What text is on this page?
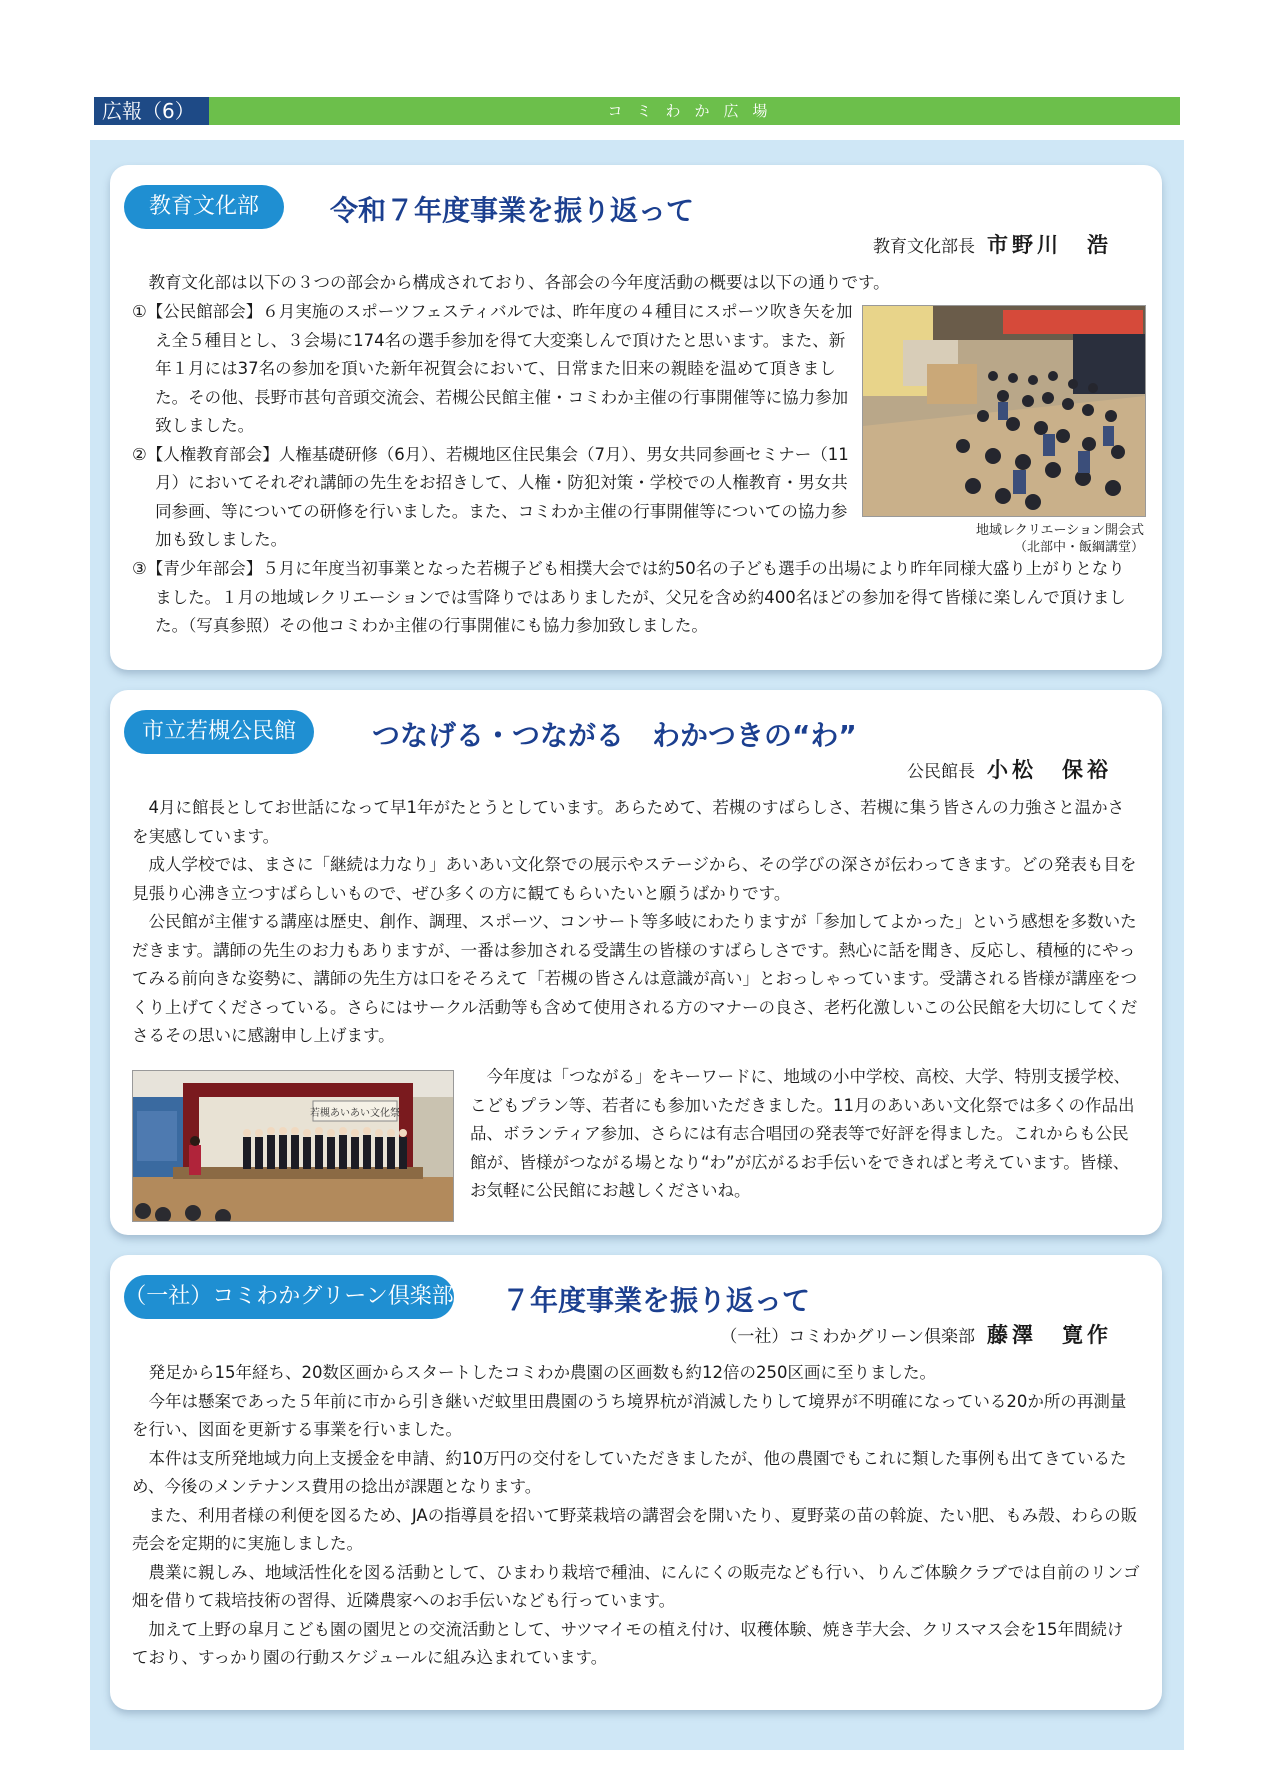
広報（6）	コミわか広場
教育文化部	令和７年度事業を振り返って
教育文化部長 市野川　浩

教育文化部は以下の３つの部会から構成されており、各部会の今年度活動の概要は以下の通りです。

①【公民館部会】６月実施のスポーツフェスティバルでは、昨年度の４種目にスポーツ吹き矢を加え全５種目とし、３会場に174名の選手参加を得て大変楽しんで頂けたと思います。また、新年１月には37名の参加を頂いた新年祝賀会において、日常また旧来の親睦を温めて頂きました。その他、長野市甚句音頭交流会、若槻公民館主催・コミわか主催の行事開催等に協力参加致しました。

②【人権教育部会】人権基礎研修（6月）、若槻地区住民集会（7月）、男女共同参画セミナー（11月）においてそれぞれ講師の先生をお招きして、人権・防犯対策・学校での人権教育・男女共同参画、等についての研修を行いました。また、コミわか主催の行事開催等についての協力参加も致しました。

③【青少年部会】５月に年度当初事業となった若槻子ども相撲大会では約50名の子ども選手の出場により昨年同様大盛り上がりとなりました。１月の地域レクリエーションでは雪降りではありましたが、父兄を含め約400名ほどの参加を得て皆様に楽しんで頂けました。（写真参照）その他コミわか主催の行事開催にも協力参加致しました。

地域レクリエーション開会式
（北部中・飯綱講堂）
市立若槻公民館	つなげる・つながる　わかつきの“わ”
公民館長 小松　保裕

4月に館長としてお世話になって早1年がたとうとしています。あらためて、若槻のすばらしさ、若槻に集う皆さんの力強さと温かさを実感しています。

成人学校では、まさに「継続は力なり」あいあい文化祭での展示やステージから、その学びの深さが伝わってきます。どの発表も目を見張り心沸き立つすばらしいもので、ぜひ多くの方に観てもらいたいと願うばかりです。

公民館が主催する講座は歴史、創作、調理、スポーツ、コンサート等多岐にわたりますが「参加してよかった」という感想を多数いただきます。講師の先生のお力もありますが、一番は参加される受講生の皆様のすばらしさです。熱心に話を聞き、反応し、積極的にやってみる前向きな姿勢に、講師の先生方は口をそろえて「若槻の皆さんは意識が高い」とおっしゃっています。受講される皆様が講座をつくり上げてくださっている。さらにはサークル活動等も含めて使用される方のマナーの良さ、老朽化激しいこの公民館を大切にしてくださるその思いに感謝申し上げます。

今年度は「つながる」をキーワードに、地域の小中学校、高校、大学、特別支援学校、こどもプラン等、若者にも参加いただきました。11月のあいあい文化祭では多くの作品出品、ボランティア参加、さらには有志合唱団の発表等で好評を得ました。これからも公民館が、皆様がつながる場となり“わ”が広がるお手伝いをできればと考えています。皆様、お気軽に公民館にお越しくださいね。

若槻あいあい文化祭
（一社）コミわかグリーン倶楽部 ７年度事業を振り返って
（一社）コミわかグリーン倶楽部 藤澤　寛作

発足から15年経ち、20数区画からスタートしたコミわか農園の区画数も約12倍の250区画に至りました。

今年は懸案であった５年前に市から引き継いだ蚊里田農園のうち境界杭が消滅したりして境界が不明確になっている20か所の再測量を行い、図面を更新する事業を行いました。

本件は支所発地域力向上支援金を申請、約10万円の交付をしていただきましたが、他の農園でもこれに類した事例も出てきているため、今後のメンテナンス費用の捻出が課題となります。

また、利用者様の利便を図るため、JAの指導員を招いて野菜栽培の講習会を開いたり、夏野菜の苗の斡旋、たい肥、もみ殻、わらの販売会を定期的に実施しました。

農業に親しみ、地域活性化を図る活動として、ひまわり栽培で種油、にんにくの販売なども行い、りんご体験クラブでは自前のリンゴ畑を借りて栽培技術の習得、近隣農家へのお手伝いなども行っています。

加えて上野の皐月こども園の園児との交流活動として、サツマイモの植え付け、収穫体験、焼き芋大会、クリスマス会を15年間続けており、すっかり園の行動スケジュールに組み込まれています。
